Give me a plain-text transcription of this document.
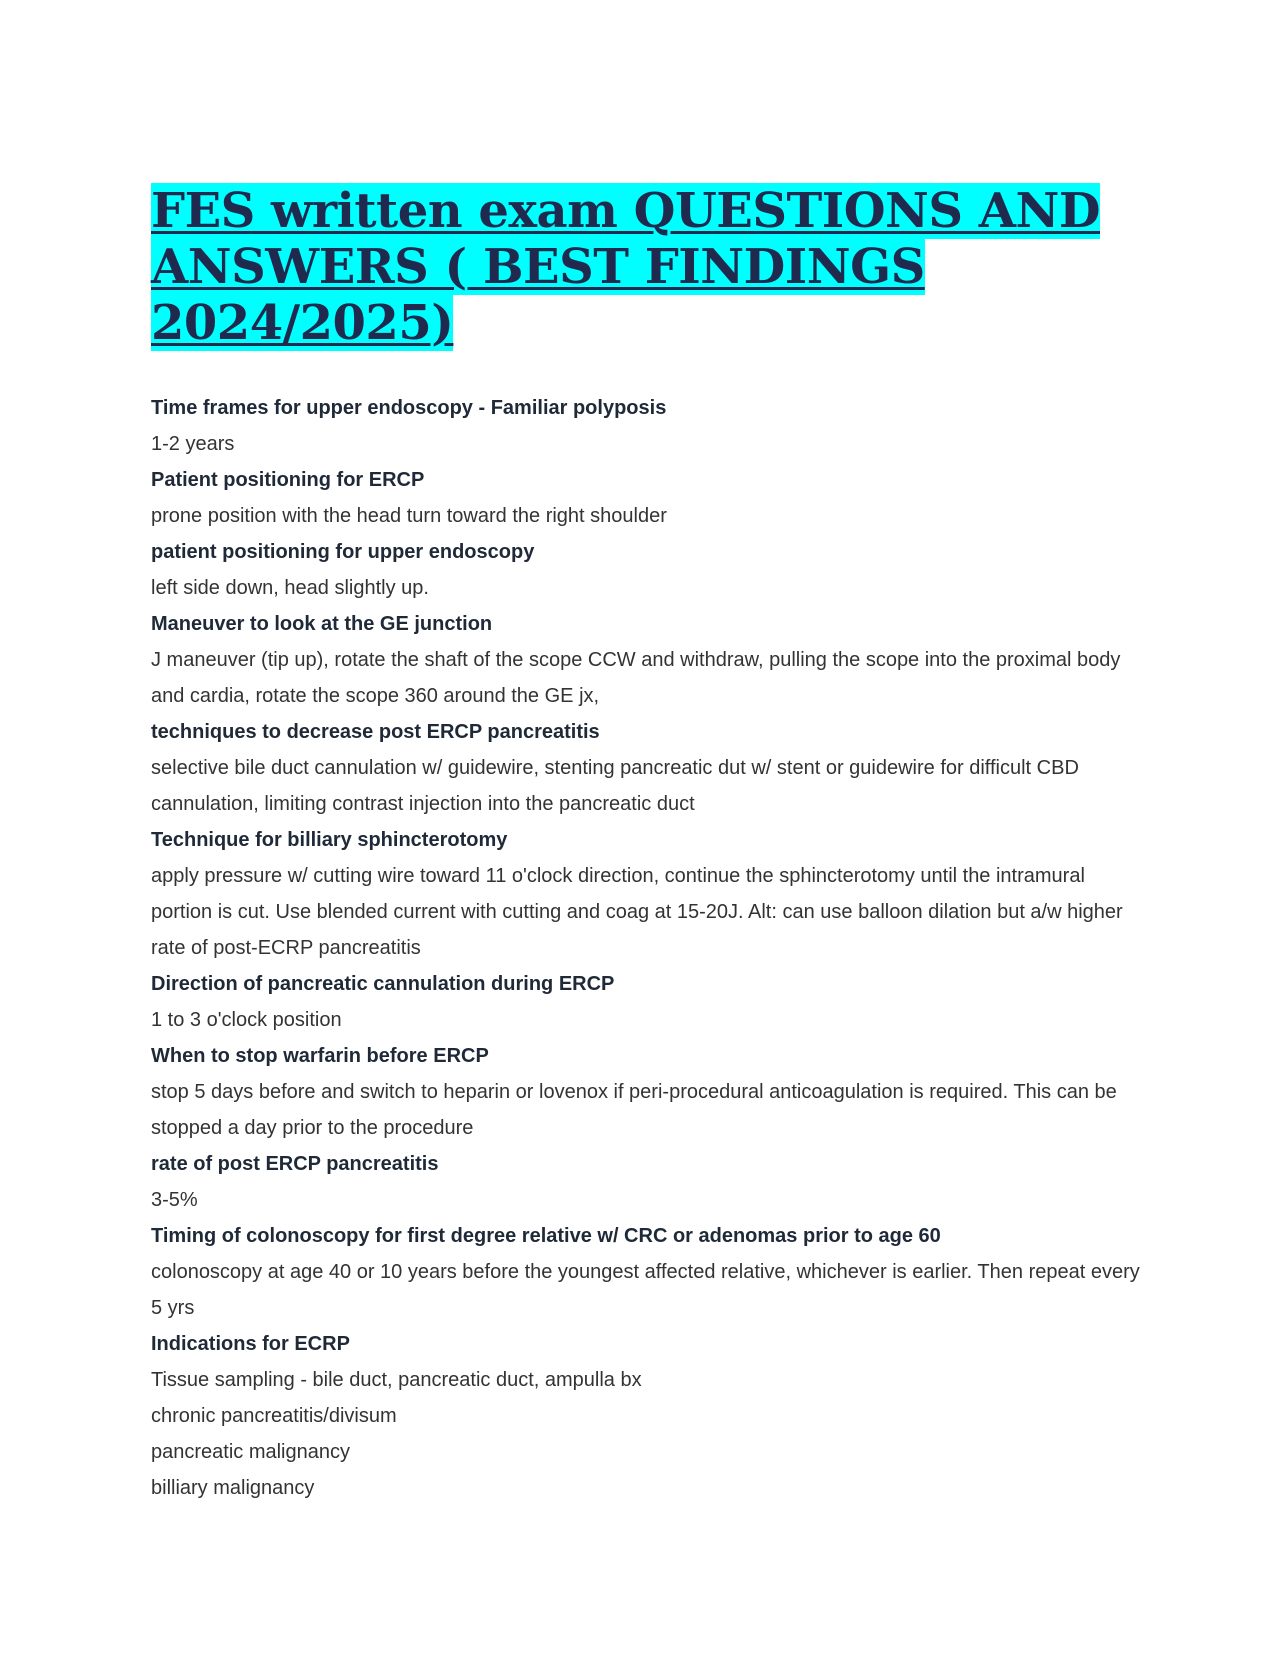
FES written exam QUESTIONS AND
ANSWERS ( BEST FINDINGS
2024/2025)

Time frames for upper endoscopy - Familiar polyposis

1-2 years

Patient positioning for ERCP

prone position with the head turn toward the right shoulder

patient positioning for upper endoscopy

left side down, head slightly up.

Maneuver to look at the GE junction

J maneuver (tip up), rotate the shaft of the scope CCW and withdraw, pulling the scope into the proximal body and cardia, rotate the scope 360 around the GE jx,

techniques to decrease post ERCP pancreatitis

selective bile duct cannulation w/ guidewire, stenting pancreatic dut w/ stent or guidewire for difficult CBD cannulation, limiting contrast injection into the pancreatic duct

Technique for billiary sphincterotomy

apply pressure w/ cutting wire toward 11 o'clock direction, continue the sphincterotomy until the intramural portion is cut. Use blended current with cutting and coag at 15-20J. Alt: can use balloon dilation but a/w higher rate of post-ECRP pancreatitis

Direction of pancreatic cannulation during ERCP

1 to 3 o'clock position

When to stop warfarin before ERCP

stop 5 days before and switch to heparin or lovenox if peri-procedural anticoagulation is required. This can be stopped a day prior to the procedure

rate of post ERCP pancreatitis

3-5%

Timing of colonoscopy for first degree relative w/ CRC or adenomas prior to age 60

colonoscopy at age 40 or 10 years before the youngest affected relative, whichever is earlier. Then repeat every 5 yrs

Indications for ECRP

Tissue sampling - bile duct, pancreatic duct, ampulla bx

chronic pancreatitis/divisum

pancreatic malignancy

billiary malignancy
